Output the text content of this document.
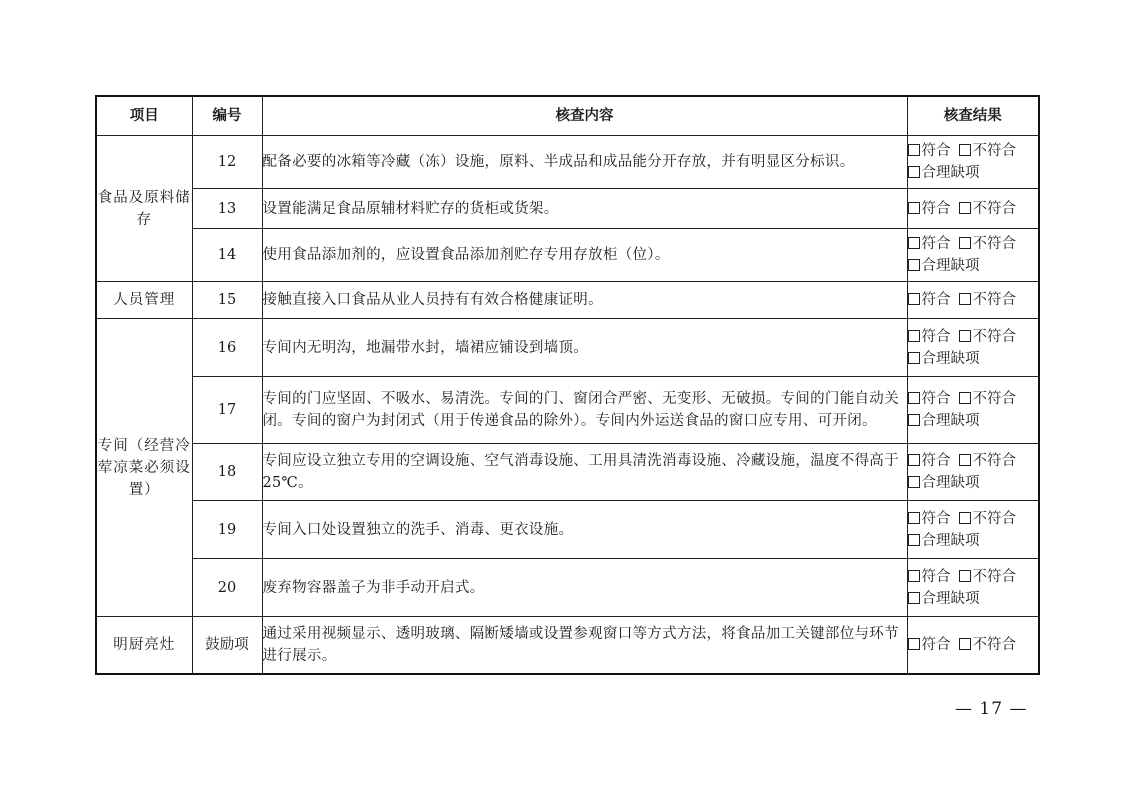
项目	编号	核查内容	核查结果
食品及原料储存	12	配备必要的冰箱等冷藏（冻）设施，原料、半成品和成品能分开存放，并有明显区分标识。	符合 不符合
合理缺项

	13	设置能满足食品原辅材料贮存的货柜或货架。	符合 不符合

	14	使用食品添加剂的，应设置食品添加剂贮存专用存放柜（位）。	符合 不符合
合理缺项

人员管理	15	接触直接入口食品从业人员持有有效合格健康证明。	符合 不符合

专间（经营冷荤凉菜必须设置）	16	专间内无明沟，地漏带水封，墙裙应铺设到墙顶。	符合 不符合
合理缺项

	17	专间的门应坚固、不吸水、易清洗。专间的门、窗闭合严密、无变形、无破损。专间的门能自动关闭。专间的窗户为封闭式（用于传递食品的除外）。专间内外运送食品的窗口应专用、可开闭。	符合 不符合
合理缺项

	18	专间应设立独立专用的空调设施、空气消毒设施、工用具清洗消毒设施、冷藏设施，温度不得高于 25℃。	符合 不符合
合理缺项

	19	专间入口处设置独立的洗手、消毒、更衣设施。	符合 不符合
合理缺项

	20	废弃物容器盖子为非手动开启式。	符合 不符合
合理缺项

明厨亮灶	鼓励项	通过采用视频显示、透明玻璃、隔断矮墙或设置参观窗口等方式方法，将食品加工关键部位与环节进行展示。	符合 不符合
— 17 —
